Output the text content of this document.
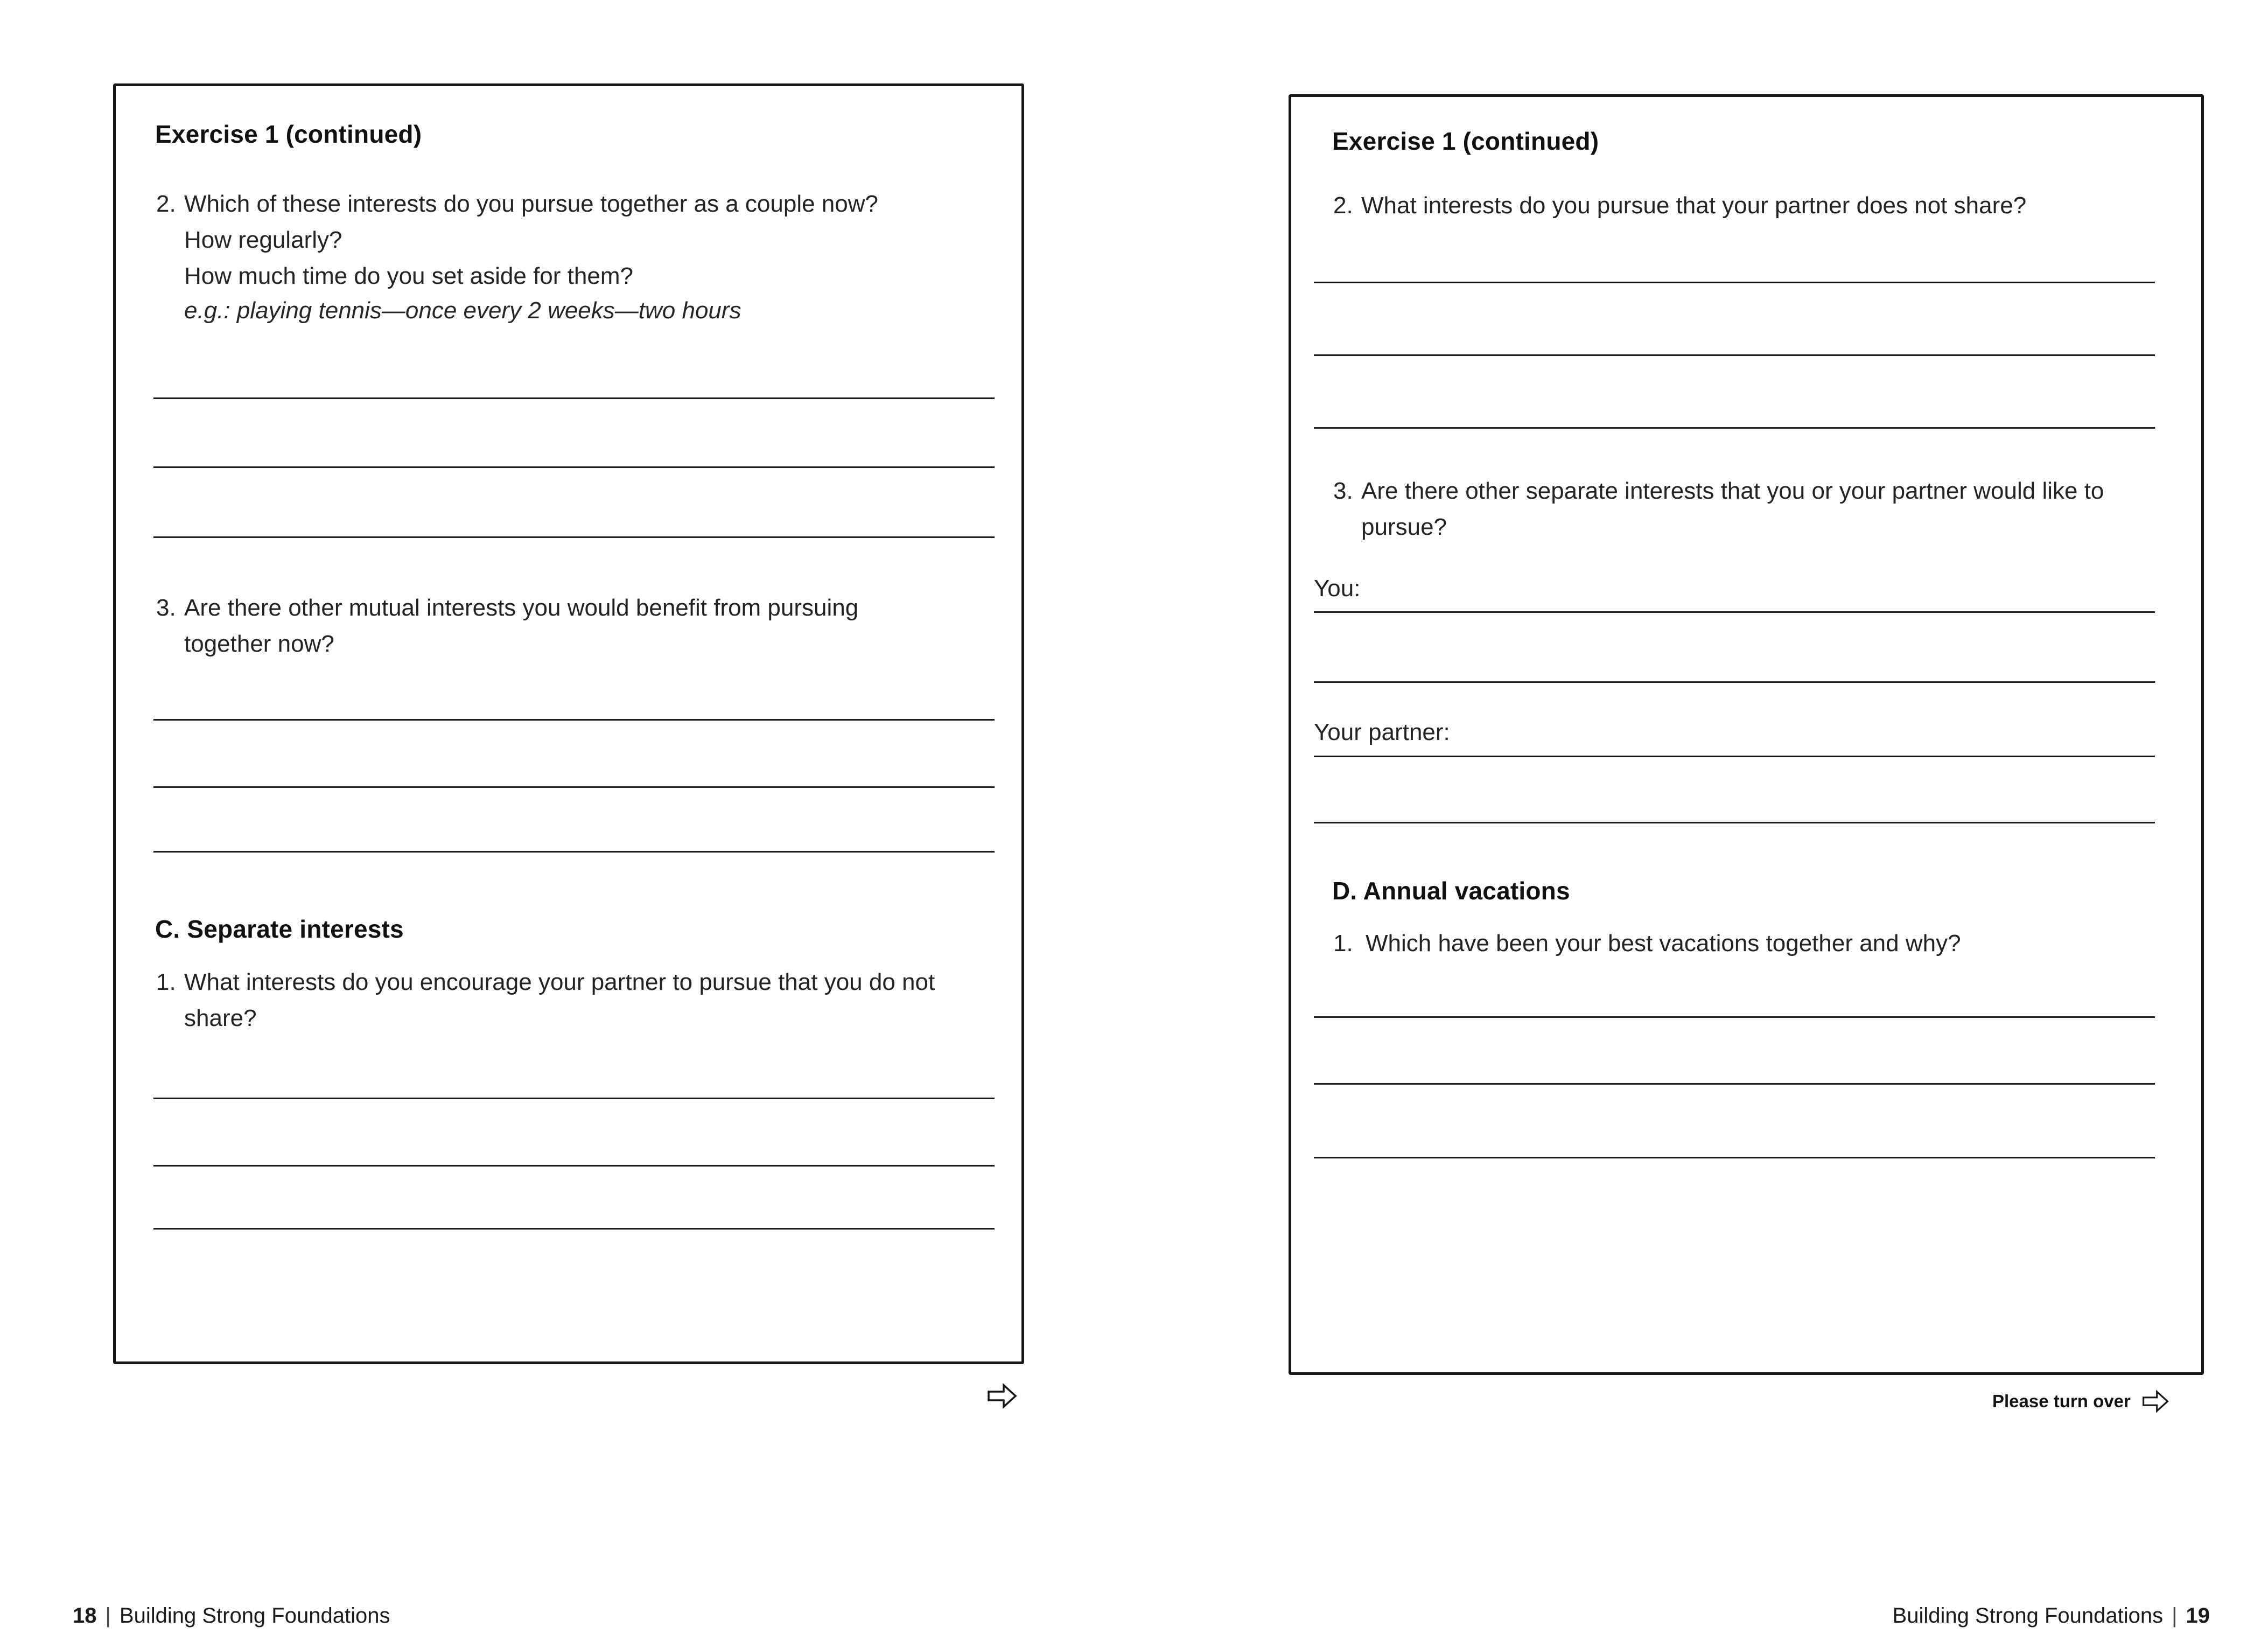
Exercise 1 (continued)
2. Which of these interests do you pursue together as a couple now?
How regularly?
How much time do you set aside for them?
e.g.: playing tennis—once every 2 weeks—two hours
3. Are there other mutual interests you would benefit from pursuing
together now?
C. Separate interests
1. What interests do you encourage your partner to pursue that you do not
share?
Exercise 1 (continued)
2. What interests do you pursue that your partner does not share?
3. Are there other separate interests that you or your partner would like to
pursue?
You:
Your partner:
D. Annual vacations
1. Which have been your best vacations together and why?
Please turn over
18 | Building Strong Foundations	Building Strong Foundations | 19
